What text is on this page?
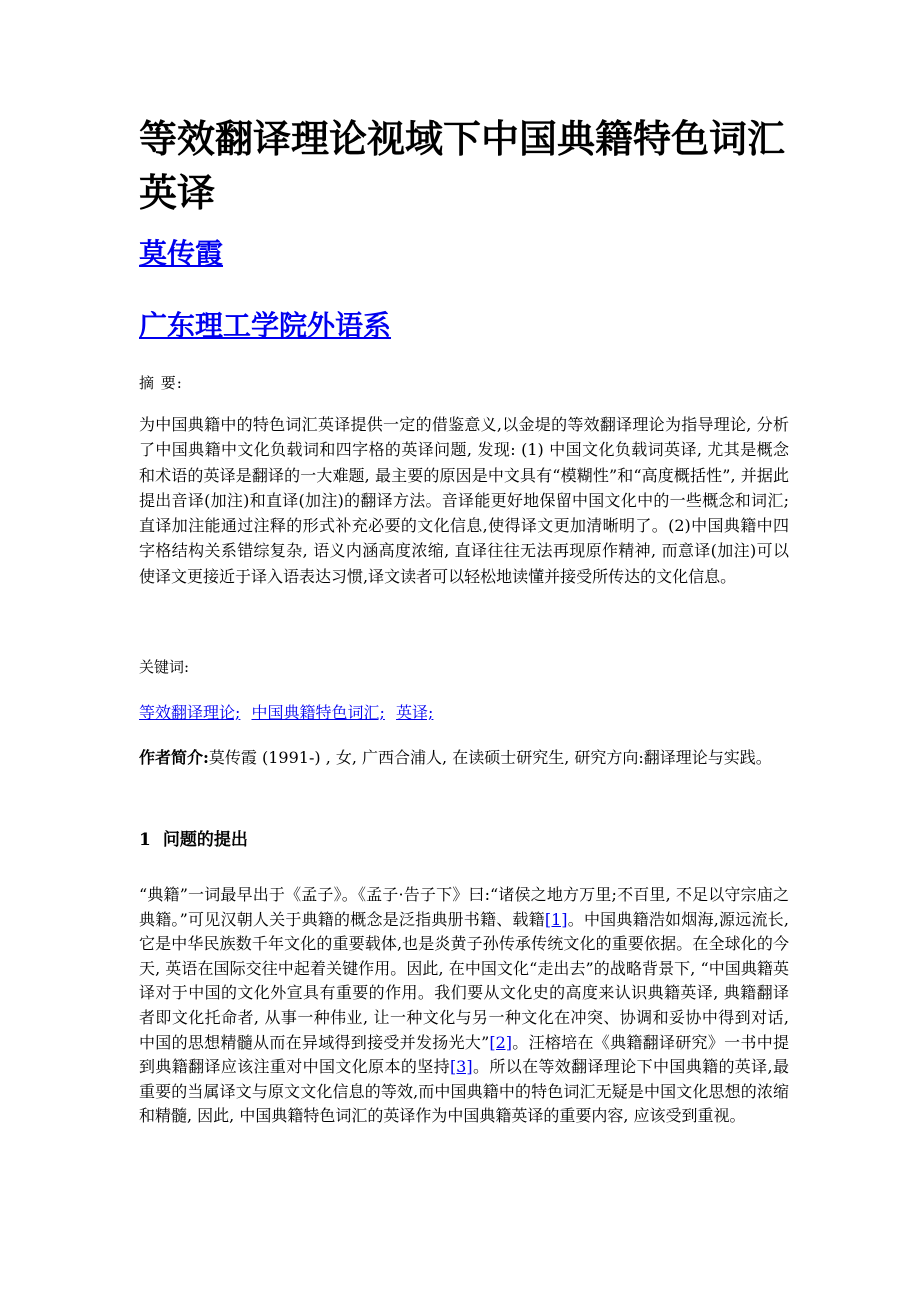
等效翻译理论视域下中国典籍特色词汇英译
莫传霞
广东理工学院外语系
摘 要:

为中国典籍中的特色词汇英译提供一定的借鉴意义,以金堤的等效翻译理论为指导理论, 分析了中国典籍中文化负载词和四字格的英译问题, 发现: (1) 中国文化负载词英译, 尤其是概念和术语的英译是翻译的一大难题, 最主要的原因是中文具有“模糊性”和“高度概括性”, 并据此提出音译(加注)和直译(加注)的翻译方法。音译能更好地保留中国文化中的一些概念和词汇;直译加注能通过注释的形式补充必要的文化信息,使得译文更加清晰明了。(2)中国典籍中四字格结构关系错综复杂, 语义内涵高度浓缩, 直译往往无法再现原作精神, 而意译(加注)可以使译文更接近于译入语表达习惯,译文读者可以轻松地读懂并接受所传达的文化信息。

关键词:
等效翻译理论; 中国典籍特色词汇; 英译;

作者简介:莫传霞 (1991-) , 女, 广西合浦人, 在读硕士研究生, 研究方向:翻译理论与实践。

1 问题的提出

“典籍”一词最早出于《孟子》。《孟子·告子下》曰:“诸侯之地方万里;不百里, 不足以守宗庙之典籍。”可见汉朝人关于典籍的概念是泛指典册书籍、载籍[1]。中国典籍浩如烟海,源远流长,它是中华民族数千年文化的重要载体,也是炎黄子孙传承传统文化的重要依据。在全球化的今天, 英语在国际交往中起着关键作用。因此, 在中国文化“走出去”的战略背景下, “中国典籍英译对于中国的文化外宣具有重要的作用。我们要从文化史的高度来认识典籍英译, 典籍翻译者即文化托命者, 从事一种伟业, 让一种文化与另一种文化在冲突、协调和妥协中得到对话, 中国的思想精髓从而在异域得到接受并发扬光大”[2]。汪榕培在《典籍翻译研究》一书中提到典籍翻译应该注重对中国文化原本的坚持[3]。所以在等效翻译理论下中国典籍的英译,最重要的当属译文与原文文化信息的等效,而中国典籍中的特色词汇无疑是中国文化思想的浓缩和精髓, 因此, 中国典籍特色词汇的英译作为中国典籍英译的重要内容, 应该受到重视。
